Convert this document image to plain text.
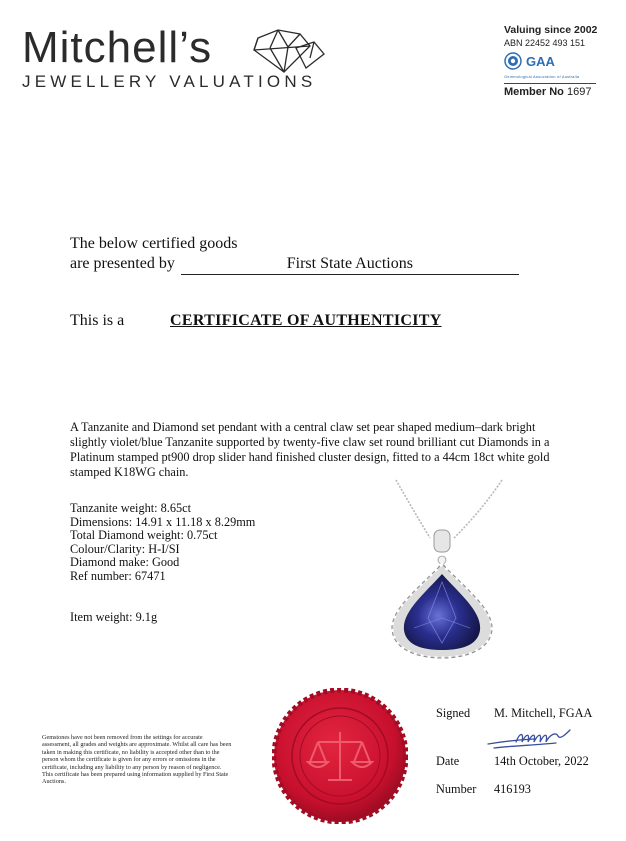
Mitchell’s
JEWELLERY VALUATIONS
Valuing since 2002
ABN 22452 493 151
GAA
Gemmological Association of Australia
Member No 1697
The below certified goods
are presented by	First State Auctions
This is a	CERTIFICATE OF AUTHENTICITY
A Tanzanite and Diamond set pendant with a central claw set pear shaped medium–dark bright slightly violet/blue Tanzanite supported by twenty-five claw set round brilliant cut Diamonds in a Platinum stamped pt900 drop slider hand finished cluster design, fitted to a 44cm 18ct white gold stamped K18WG chain.
Tanzanite weight: 8.65ct
Dimensions: 14.91 x 11.18 x 8.29mm
Total Diamond weight: 0.75ct
Colour/Clarity: H-I/SI
Diamond make: Good
Ref number: 67471
Item weight: 9.1g
Gemstones have not been removed from the settings for accurate assessment, all grades and weights are approximate. Whilst all care has been taken in making this certificate, no liability is accepted other than to the person whom the certificate is given for any errors or omissions in the certificate, including any liability to any person by reason of negligence. This certificate has been prepared using information supplied by First State Auctions.
Signed M. Mitchell, FGAA
Date	14th October, 2022
Number 416193
